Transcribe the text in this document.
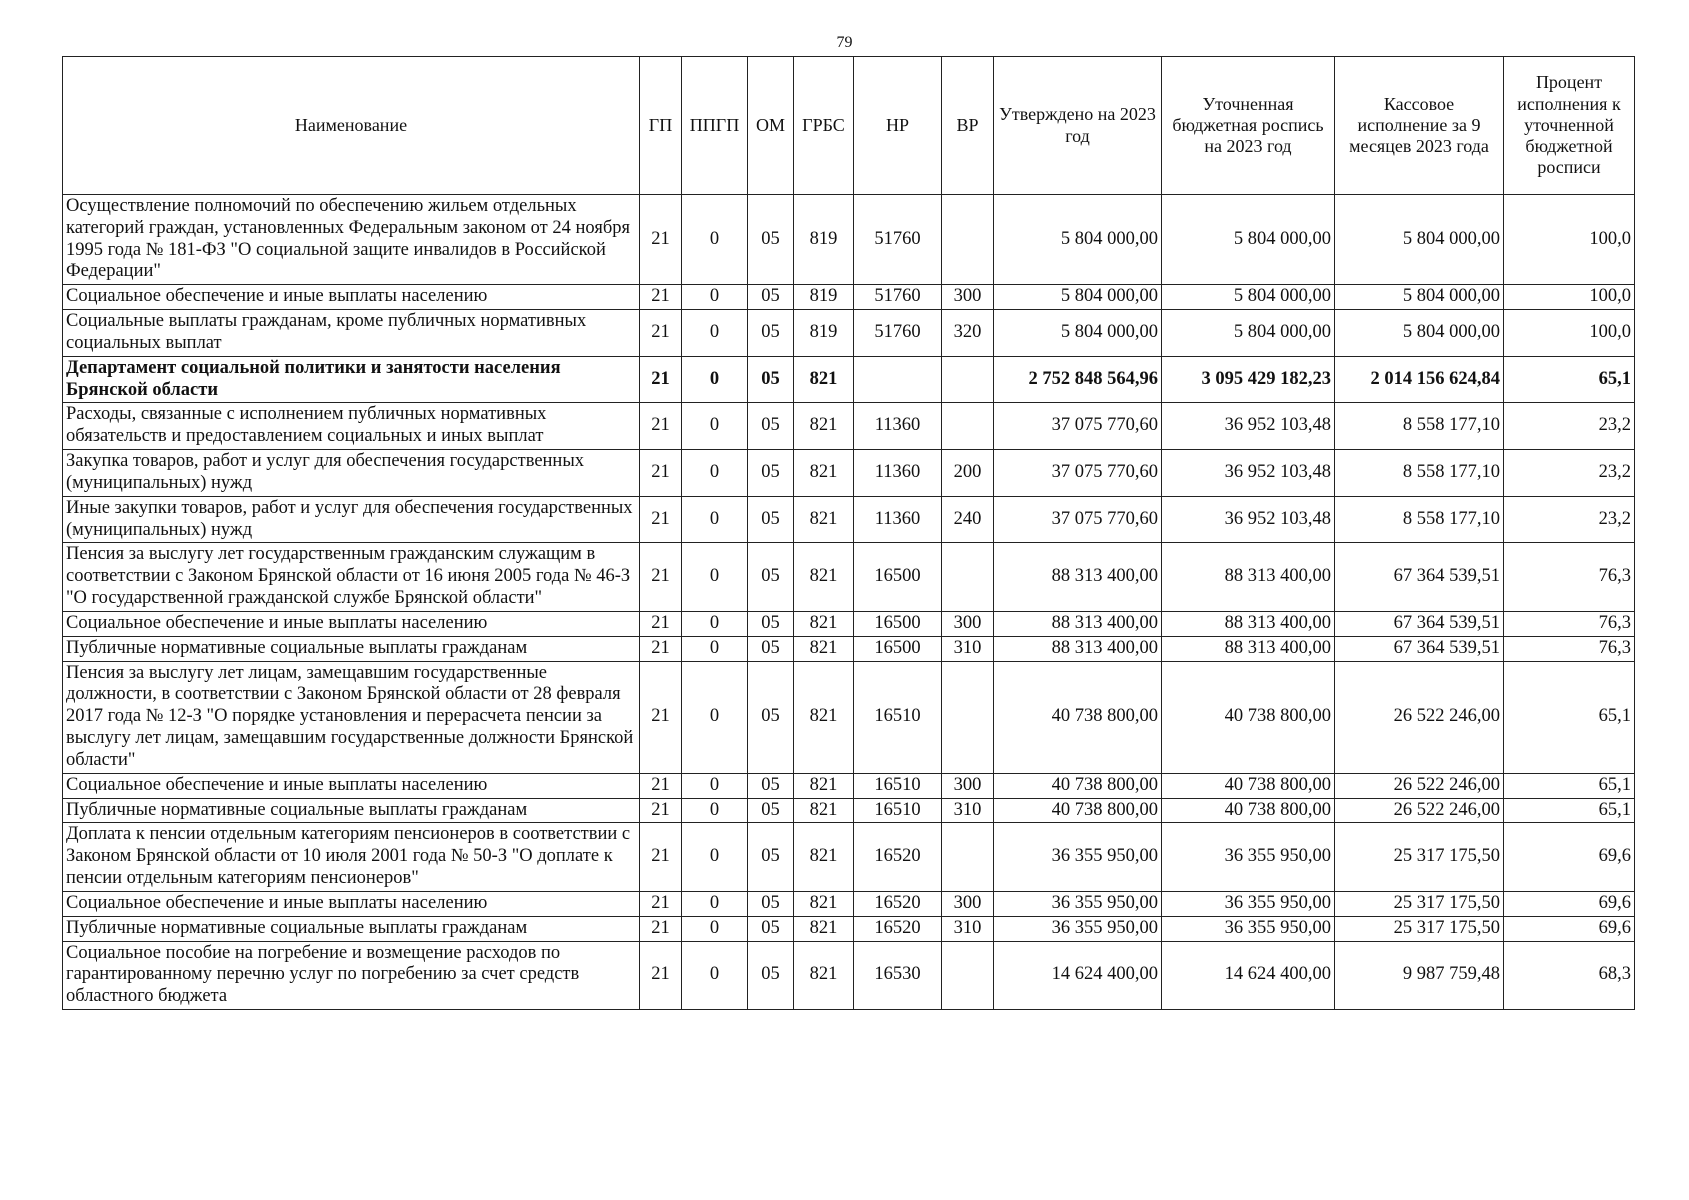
79
Наименование	ГП	ППГП	ОМ	ГРБС	НР	ВР	Утверждено на 2023 год	Уточненная бюджетная роспись на 2023 год	Кассовое исполнение за 9 месяцев 2023 года	Процент исполнения к уточненной бюджетной росписи
Осуществление полномочий по обеспечению жильем отдельных категорий граждан, установленных Федеральным законом от 24 ноября 1995 года № 181-ФЗ "О социальной защите инвалидов в Российской Федерации"	21	0	05	819	51760		5 804 000,00	5 804 000,00	5 804 000,00	100,0
Социальное обеспечение и иные выплаты населению	21	0	05	819	51760	300	5 804 000,00	5 804 000,00	5 804 000,00	100,0
Социальные выплаты гражданам, кроме публичных нормативных социальных выплат	21	0	05	819	51760	320	5 804 000,00	5 804 000,00	5 804 000,00	100,0
Департамент социальной политики и занятости населения Брянской области	21	0	05	821			2 752 848 564,96	3 095 429 182,23	2 014 156 624,84	65,1
Расходы, связанные с исполнением публичных нормативных обязательств и предоставлением социальных и иных выплат	21	0	05	821	11360		37 075 770,60	36 952 103,48	8 558 177,10	23,2
Закупка товаров, работ и услуг для обеспечения государственных (муниципальных) нужд	21	0	05	821	11360	200	37 075 770,60	36 952 103,48	8 558 177,10	23,2
Иные закупки товаров, работ и услуг для обеспечения государственных (муниципальных) нужд	21	0	05	821	11360	240	37 075 770,60	36 952 103,48	8 558 177,10	23,2
Пенсия за выслугу лет государственным гражданским служащим в соответствии с Законом Брянской области от 16 июня 2005 года № 46-З "О государственной гражданской службе Брянской области"	21	0	05	821	16500		88 313 400,00	88 313 400,00	67 364 539,51	76,3
Социальное обеспечение и иные выплаты населению	21	0	05	821	16500	300	88 313 400,00	88 313 400,00	67 364 539,51	76,3
Публичные нормативные социальные выплаты гражданам	21	0	05	821	16500	310	88 313 400,00	88 313 400,00	67 364 539,51	76,3
Пенсия за выслугу лет лицам, замещавшим государственные должности, в соответствии с Законом Брянской области от 28 февраля 2017 года № 12-З "О порядке установления и перерасчета пенсии за выслугу лет лицам, замещавшим государственные должности Брянской области"	21	0	05	821	16510		40 738 800,00	40 738 800,00	26 522 246,00	65,1
Социальное обеспечение и иные выплаты населению	21	0	05	821	16510	300	40 738 800,00	40 738 800,00	26 522 246,00	65,1
Публичные нормативные социальные выплаты гражданам	21	0	05	821	16510	310	40 738 800,00	40 738 800,00	26 522 246,00	65,1
Доплата к пенсии отдельным категориям пенсионеров в соответствии с Законом Брянской области от 10 июля 2001 года № 50-З "О доплате к пенсии отдельным категориям пенсионеров"	21	0	05	821	16520		36 355 950,00	36 355 950,00	25 317 175,50	69,6
Социальное обеспечение и иные выплаты населению	21	0	05	821	16520	300	36 355 950,00	36 355 950,00	25 317 175,50	69,6
Публичные нормативные социальные выплаты гражданам	21	0	05	821	16520	310	36 355 950,00	36 355 950,00	25 317 175,50	69,6
Социальное пособие на погребение и возмещение расходов по гарантированному перечню услуг по погребению за счет средств областного бюджета	21	0	05	821	16530		14 624 400,00	14 624 400,00	9 987 759,48	68,3
